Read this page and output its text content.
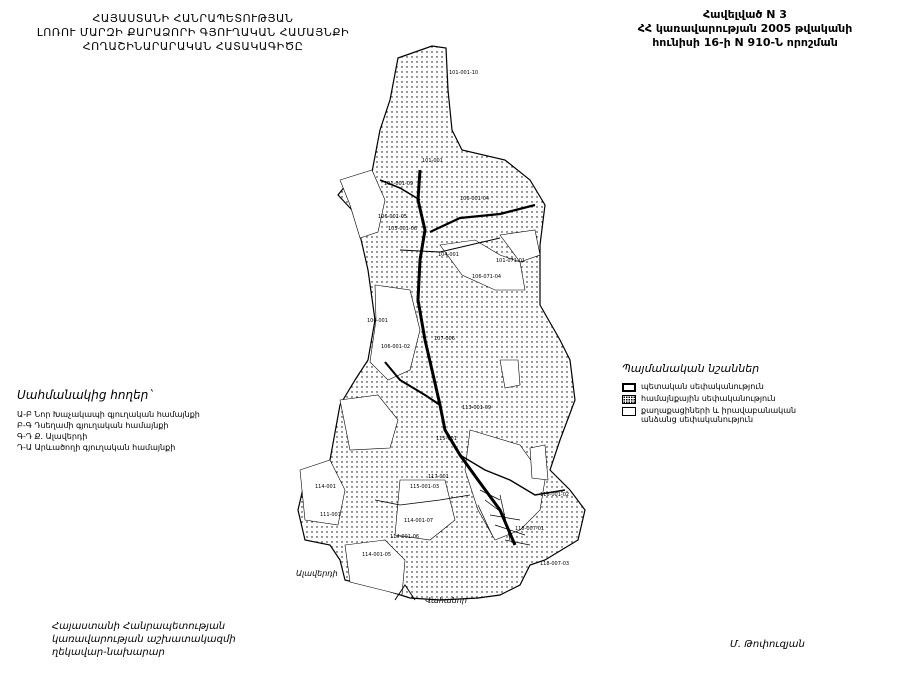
ՀԱՅԱՍՏԱՆԻ ՀԱՆՐԱՊԵՏՈՒԹՅԱՆ
ԼՈՌՈՒ ՄԱՐԶԻ ՔԱՐԱՁՈՐԻ ԳՅՈՒՂԱԿԱՆ ՀԱՄԱՅՆՔԻ
ՀՈՂԱՇԻՆԱՐԱՐԱԿԱՆ ՀԱՏԱԿԱԳԻԾԸ
Հավելված N 3
ՀՀ կառավարության 2005 թվականի
հունիսի 16-ի N 910-Ն որոշման
101-001-10
101-001
101-001-09
106-001-04
106-001-05
105-001-06
104-001
101-071-01
106-071-04
106-001
106-001-02
107-006
113-001-09
115-001
114-001	115-001-03
116-001-02
114-001-07
111-001
114-001-06
114-001-05
118-007-01
118-007-03
117-001
Ալավերդի
Վահանոր
Սահմանակից հողեր`
Ա-Բ Նոր Խաչակապի գյուղական համայնքի
Բ-Գ Դսեղամի գյուղական համայնքի
Գ-Դ Ք. Ալավերդի
Դ-Ա Արևածողի գյուղական համայնքի
Պայմանական նշաններ
պետական սեփականություն
համայնքային սեփականություն
քաղաքացիների և իրավաբանական անձանց սեփականություն
Հայաստանի Հանրապետության
կառավարության աշխատակազմի
ղեկավար-նախարար
Մ. Թոփուզյան
